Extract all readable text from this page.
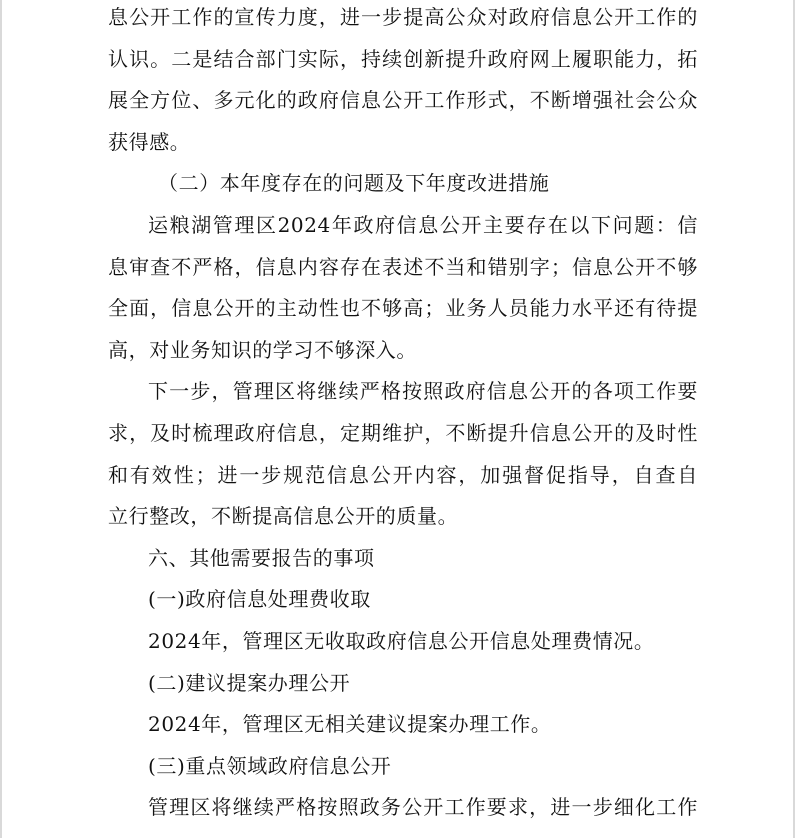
息公开工作的宣传力度，进一步提高公众对政府信息公开工作的

认识。二是结合部门实际，持续创新提升政府网上履职能力，拓

展全方位、多元化的政府信息公开工作形式，不断增强社会公众

获得感。

（二）本年度存在的问题及下年度改进措施

运粮湖管理区2024年政府信息公开主要存在以下问题：信

息审查不严格，信息内容存在表述不当和错别字；信息公开不够

全面，信息公开的主动性也不够高；业务人员能力水平还有待提

高，对业务知识的学习不够深入。

下一步，管理区将继续严格按照政府信息公开的各项工作要

求，及时梳理政府信息，定期维护，不断提升信息公开的及时性

和有效性；进一步规范信息公开内容，加强督促指导，自查自

立行整改，不断提高信息公开的质量。

六、其他需要报告的事项

(一)政府信息处理费收取

2024年，管理区无收取政府信息公开信息处理费情况。

(二)建议提案办理公开

2024年，管理区无相关建议提案办理工作。

(三)重点领域政府信息公开

管理区将继续严格按照政务公开工作要求，进一步细化工作
